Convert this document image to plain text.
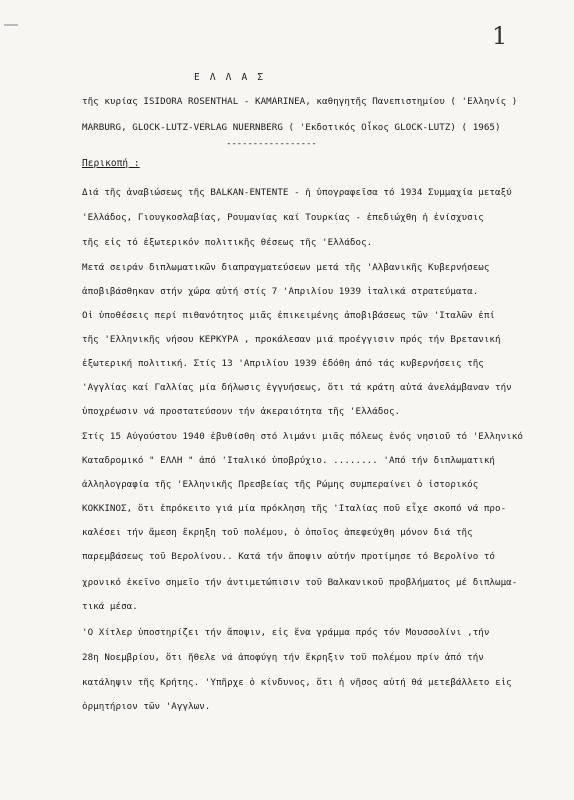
1
Ε Λ Λ Α Σ
τῆς κυρίας ISIDORA ROSENTHAL - KAMARINEA, καθηγητῆς Πανεπιστημίου ( 'Ελληνίς )
MARBURG, GLOCK-LUTZ-VERLAG NUERNBERG ( 'Εκδοτικός Οἶκος GLOCK-LUTZ) ( 1965)
-----------------
Περικοπή :
Διά τῆς ἀναβιώσεως τῆς BALKAN-ENTENTE - ἡ ὑπογραφεῖσα τό 1934 Συμμαχία μεταξύ
'Ελλάδος, Γιουγκοσλαβίας, Ρουμανίας καί Τουρκίας - ἐπεδιώχθη ἡ ἐνίσχυσις
τῆς εἰς τό ἐξωτερικόν πολιτικῆς θέσεως τῆς 'Ελλάδος.
Μετά σειράν διπλωματικῶν διαπραγματεύσεων μετά τῆς 'Αλβανικῆς Κυβερνήσεως
ἀποβιβάσθηκαν στήν χώρα αὐτή στίς 7 'Απριλίου 1939 ἰταλικά στρατεύματα.
Οἱ ὑποθέσεις περί πιθανότητος μιᾶς ἐπικειμένης ἀποβιβάσεως τῶν 'Ιταλῶν ἐπί
τῆς 'Ελληνικῆς νήσου ΚΕΡΚΥΡΑ , προκάλεσαν μιά προέγγισιν πρός τήν Βρετανική
ἐξωτερική πολιτική. Στίς 13 'Απριλίου 1939 ἐδόθη ἀπό τάς κυβερνήσεις τῆς
'Αγγλίας καί Γαλλίας μία δήλωσις ἐγγυήσεως, ὅτι τά κράτη αὐτά ἀνελάμβαναν τήν
ὑποχρέωσιν νά προστατεύσουν τήν ἀκεραιότητα τῆς 'Ελλάδος.
Στίς 15 Αὐγούστου 1940 ἐβυθίσθη στό λιμάνι μιᾶς πόλεως ἑνός νησιοῦ τό 'Ελληνικό
Καταδρομικό " ΕΛΛΗ " ἀπό 'Ιταλικό ὑποβρύχιο. ........ 'Από τήν διπλωματική
ἀλληλογραφία τῆς 'Ελληνικῆς Πρεσβείας τῆς Ρώμης συμπεραίνει ὁ ἱστορικός
ΚΟΚΚΙΝΟΣ, ὅτι ἐπρόκειτο γιά μία πρόκληση τῆς 'Ιταλίας ποῦ εἶχε σκοπό νά προ-
καλέσει τήν ἄμεση ἔκρηξη τοῦ πολέμου, ὁ ὁποῖος ἀπεφεύχθη μόνον διά τῆς
παρεμβάσεως τοῦ Βερολίνου.. Κατά τήν ἄποψιν αὐτήν προτίμησε τό Βερολίνο τό
χρονικό ἐκεῖνο σημεῖο τήν ἀντιμετώπισιν τοῦ Βαλκανικοῦ προβλήματος μέ διπλωμα-
τικά μέσα.
'Ο Χίτλερ ὑποστηρίζει τήν ἄποψιν, εἰς ἕνα γράμμα πρός τόν Μουσσολίνι ,τήν
28η Νοεμβρίου, ὅτι ἤθελε νά ἀποφύγη τήν ἔκρηξιν τοῦ πολέμου πρίν ἀπό τήν
κατάληψιν τῆς Κρήτης. 'Υπῆρχε ὁ κίνδυνος, ὅτι ἡ νῆσος αὐτή θά μετεβάλλετο εἰς
ὁρμητήριον τῶν 'Αγγλων.
